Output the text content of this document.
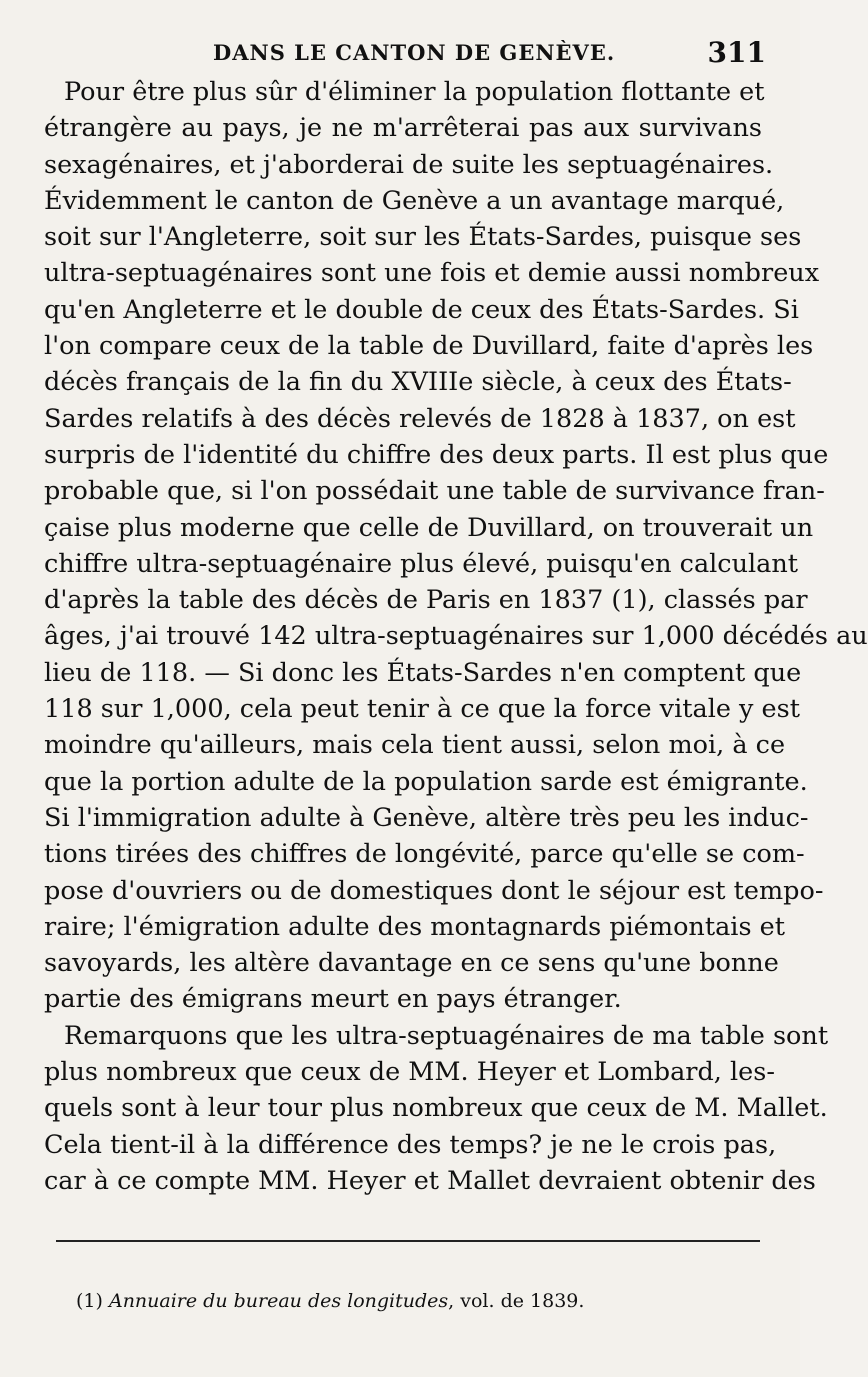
DANS LE CANTON DE GENÈVE.	311
Pour être plus sûr d'éliminer la population flottante et
étrangère au pays, je ne m'arrêterai pas aux survivans
sexagénaires, et j'aborderai de suite les septuagénaires.
Évidemment le canton de Genève a un avantage marqué,
soit sur l'Angleterre, soit sur les États-Sardes, puisque ses
ultra-septuagénaires sont une fois et demie aussi nombreux
qu'en Angleterre et le double de ceux des États-Sardes. Si
l'on compare ceux de la table de Duvillard, faite d'après les
décès français de la fin du XVIIIe siècle, à ceux des États-
Sardes relatifs à des décès relevés de 1828 à 1837, on est
surpris de l'identité du chiffre des deux parts. Il est plus que
probable que, si l'on possédait une table de survivance fran-
çaise plus moderne que celle de Duvillard, on trouverait un
chiffre ultra-septuagénaire plus élevé, puisqu'en calculant
d'après la table des décès de Paris en 1837 (1), classés par
âges, j'ai trouvé 142 ultra-septuagénaires sur 1,000 décédés au
lieu de 118. — Si donc les États-Sardes n'en comptent que
118 sur 1,000, cela peut tenir à ce que la force vitale y est
moindre qu'ailleurs, mais cela tient aussi, selon moi, à ce
que la portion adulte de la population sarde est émigrante.
Si l'immigration adulte à Genève, altère très peu les induc-
tions tirées des chiffres de longévité, parce qu'elle se com-
pose d'ouvriers ou de domestiques dont le séjour est tempo-
raire; l'émigration adulte des montagnards piémontais et
savoyards, les altère davantage en ce sens qu'une bonne
partie des émigrans meurt en pays étranger.
Remarquons que les ultra-septuagénaires de ma table sont
plus nombreux que ceux de MM. Heyer et Lombard, les-
quels sont à leur tour plus nombreux que ceux de M. Mallet.
Cela tient-il à la différence des temps? je ne le crois pas,
car à ce compte MM. Heyer et Mallet devraient obtenir des
(1) Annuaire du bureau des longitudes, vol. de 1839.
